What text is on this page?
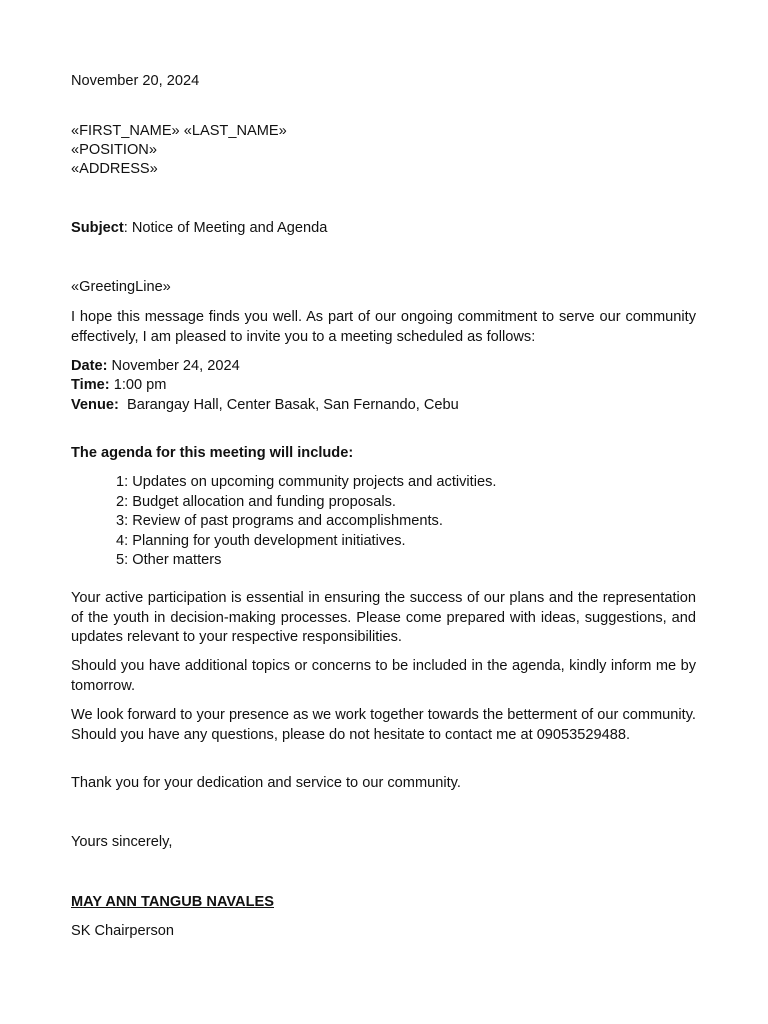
November 20, 2024
«FIRST_NAME» «LAST_NAME»
«POSITION»
«ADDRESS»
Subject: Notice of Meeting and Agenda
«GreetingLine»
I hope this message finds you well. As part of our ongoing commitment to serve our community effectively, I am pleased to invite you to a meeting scheduled as follows:
Date: November 24, 2024
Time: 1:00 pm
Venue:  Barangay Hall, Center Basak, San Fernando, Cebu
The agenda for this meeting will include:
1: Updates on upcoming community projects and activities.
2: Budget allocation and funding proposals.
3: Review of past programs and accomplishments.
4: Planning for youth development initiatives.
5: Other matters
Your active participation is essential in ensuring the success of our plans and the representation of the youth in decision-making processes. Please come prepared with ideas, suggestions, and updates relevant to your respective responsibilities.
Should you have additional topics or concerns to be included in the agenda, kindly inform me by tomorrow.
We look forward to your presence as we work together towards the betterment of our community. Should you have any questions, please do not hesitate to contact me at 09053529488.
Thank you for your dedication and service to our community.
Yours sincerely,
MAY ANN TANGUB NAVALES
SK Chairperson
